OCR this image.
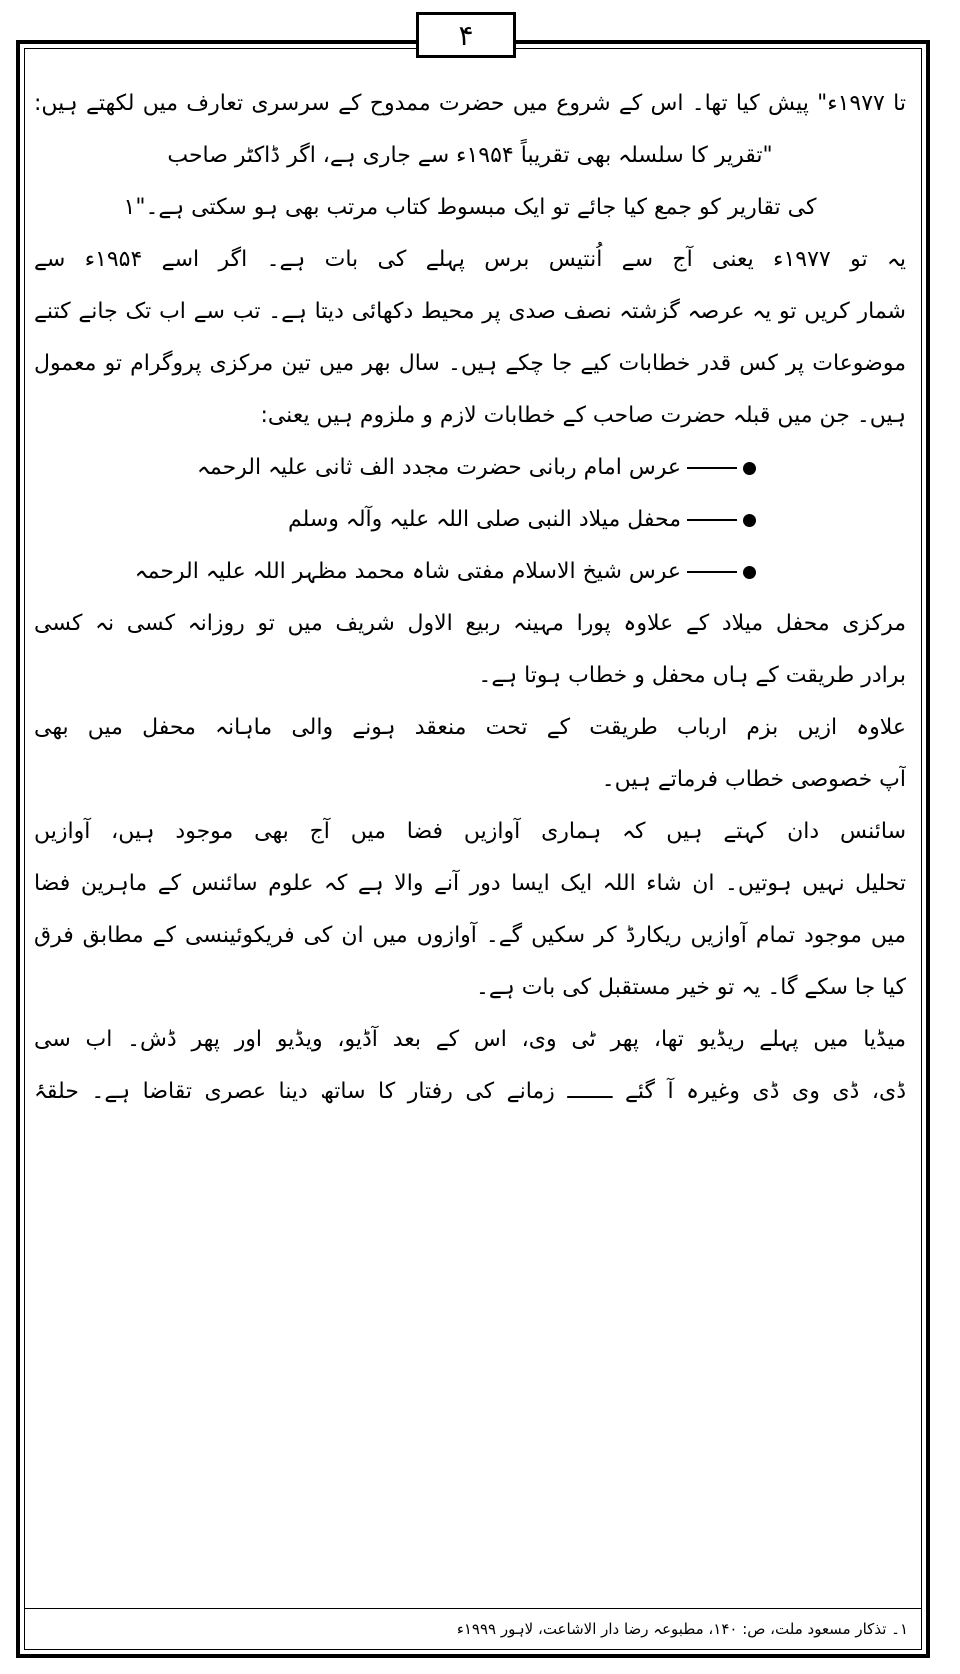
۴
تا ۱۹۷۷ء" پیش کیا تھا۔ اس کے شروع میں حضرت ممدوح کے سرسری تعارف میں لکھتے ہیں:
"تقریر کا سلسلہ بھی تقریباً ۱۹۵۴ء سے جاری ہے، اگر ڈاکٹر صاحب
کی تقاریر کو جمع کیا جائے تو ایک مبسوط کتاب مرتب بھی ہو سکتی ہے۔"۱
یہ تو ۱۹۷۷ء یعنی آج سے اُنتیس برس پہلے کی بات ہے۔ اگر اسے ۱۹۵۴ء سے
شمار کریں تو یہ عرصہ گزشتہ نصف صدی پر محیط دکھائی دیتا ہے۔ تب سے اب تک جانے کتنے
موضوعات پر کس قدر خطابات کیے جا چکے ہیں۔ سال بھر میں تین مرکزی پروگرام تو معمول
ہیں۔ جن میں قبلہ حضرت صاحب کے خطابات لازم و ملزوم ہیں یعنی:
عرس امام ربانی حضرت مجدد الف ثانی علیہ الرحمہ
محفل میلاد النبی صلی اللہ علیہ وآلہ وسلم
عرس شیخ الاسلام مفتی شاہ محمد مظہر اللہ علیہ الرحمہ
مرکزی محفل میلاد کے علاوہ پورا مہینہ ربیع الاول شریف میں تو روزانہ کسی نہ کسی
برادر طریقت کے ہاں محفل و خطاب ہوتا ہے۔
علاوہ ازیں بزم ارباب طریقت کے تحت منعقد ہونے والی ماہانہ محفل میں بھی
آپ خصوصی خطاب فرماتے ہیں۔
سائنس دان کہتے ہیں کہ ہماری آوازیں فضا میں آج بھی موجود ہیں، آوازیں
تحلیل نہیں ہوتیں۔ ان شاء اللہ ایک ایسا دور آنے والا ہے کہ علوم سائنس کے ماہرین فضا
میں موجود تمام آوازیں ریکارڈ کر سکیں گے۔ آوازوں میں ان کی فریکوئینسی کے مطابق فرق
کیا جا سکے گا۔ یہ تو خیر مستقبل کی بات ہے۔
میڈیا میں پہلے ریڈیو تھا، پھر ٹی وی، اس کے بعد آڈیو، ویڈیو اور پھر ڈش۔ اب سی
ڈی، ڈی وی ڈی وغیرہ آ گئے ـــــــ زمانے کی رفتار کا ساتھ دینا عصری تقاضا ہے۔ حلقۂ
۱۔ تذکار مسعود ملت، ص: ۱۴۰، مطبوعہ رضا دار الاشاعت، لاہور ۱۹۹۹ء
